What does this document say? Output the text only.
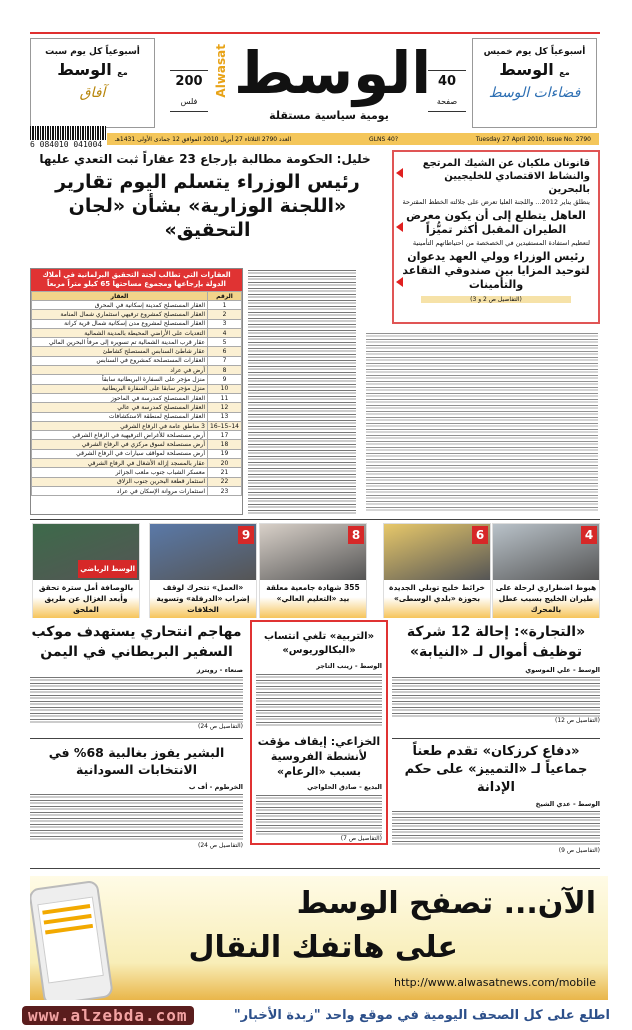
أسبوعياً كل يوم سبت
مع الوسط
آفاق
200
فلس
Alwasat الوسط
يومية سياسية مستقلة
40
صفحة
أسبوعياً كل يوم خميس
مع الوسط
فضاءات الوسط
6 084010 041004
العدد 2790 الثلاثاء 27 أبريل 2010 الموافق 12 جمادى الأولى 1431هـ	GLNS 40?	Tuesday 27 April 2010, Issue No. 2790
خليل: الحكومة مطالبة بإرجاع 23 عقاراً ثبت التعدي عليها
رئيس الوزراء يتسلم اليوم تقارير
«اللجنة الوزارية» بشأن «لجان التحقيق»
قانونان ملكيان عن الشيك المرتجع والنشاط الاقتصادي للخليجيين بالبحرين
ينطلق يناير 2012... واللجنة العليا تعرض على جلالته الخطط المقترحة
العاهل يتطلع إلى أن يكون معرض الطيران المقبل أكثر تميُّزاً
لتعظيم استفادة المستفيدين في الخصخصة من احتياطاتهم التأمينية
رئيس الوزراء وولي العهد يدعوان لتوحيد المزايا بين صندوقي التقاعد والتأمينات
(التفاصيل ص 2 و 3)
العقارات التي تطالب لجنة التحقيق البرلمانية في أملاك الدولة بإرجاعها ومجموع مساحتها 65 كيلو متراً مربعاً
الرقم	العقار
1	العقار المستصلح كمدينة إسكانية في المحرق
2	العقار المستصلح كمشروع ترفيهي استثماري شمال المنامة
3	العقار المستصلح لمشروع مدن إسكانية شمال قرية كرانة
4	التعديات على الأراضي المحيطة بالمدينة الشمالية
5	عقار قرب المدينة الشمالية تم تسويره إلى مرفأ البحرين المالي
6	عقار شاطئ السنابس المستصلح كشاطئ
7	العقارات المستصلحة كمشروع في السنابس
8	أرض في عراد
9	منزل مؤجر على السفارة البريطانية سابقاً
10	منزل مؤجر سابقاً على السفارة البريطانية
11	العقار المستصلح كمدرسة في الماحوز
12	العقار المستصلح كمدرسة في عالي
13	العقار المستصلح لمنطقة الاستكشافات
14–15–16	3 مناطق عامة في الرفاع الشرقي
17	أرض مستصلحة للأغراض الترفيهية في الرفاع الشرقي
18	أرض مستصلحة لسوق مركزي في الرفاع الشرقي
19	أرض مستصلحة لمواقف سيارات في الرفاع الشرقي
20	عقار بالمسجد إزالة الأشغال في الرفاع الشرقي
21	معسكر الشباب جنوب ملعب الجزائر
22	استثمار قطعة البحرين جنوب الزلاق
23	استثمارات مروانة الإسكان في عراد
4
هبوط اضطراري لرحلة على طيران الخليج بسبب عطل بالمحرك
6
خرائط خليج توبلي الجديدة بحوزة «بلدي الوسطى»
8
355 شهادة جامعية معلقة بيد «التعليم العالي»
9
«العمل» تتحرك لوقف إضراب «الدرفلة» وتسوية الخلافات
الوسط الرياضي
بالوصافة أمل سترة تحقق وأبعد الغزال عن طريق الملحق
«التجارة»: إحالة 12 شركة توظيف أموال لـ «النيابة»
الوسط - علي الموسوي
(التفاصيل ص 12)
«دفاع كرزكان» تقدم طعناً جماعياً لـ «التمييز» على حكم الإدانة
الوسط - عدي الشيخ
(التفاصيل ص 9)
«التربية» تلغي انتساب «البكالوريوس»
الوسط - زينب التاجر
الخزاعي: إيقاف مؤقت لأنشطة الفروسية بسبب «الرعام»
البديع - صادق الحلواجي
(التفاصيل ص 7)
مهاجم انتحاري يستهدف موكب السفير البريطاني في اليمن
صنعاء - رويترز
(التفاصيل ص 24)
البشير يفوز بغالبية 68% في الانتخابات السودانية
الخرطوم - أف ب
(التفاصيل ص 24)
الآن... تصفح الوسط
على هاتفك النقال
http://www.alwasatnews.com/mobile
www.alzebda.com	اطلع على كل الصحف اليومية في موقع واحد "زبدة الأخبار"
